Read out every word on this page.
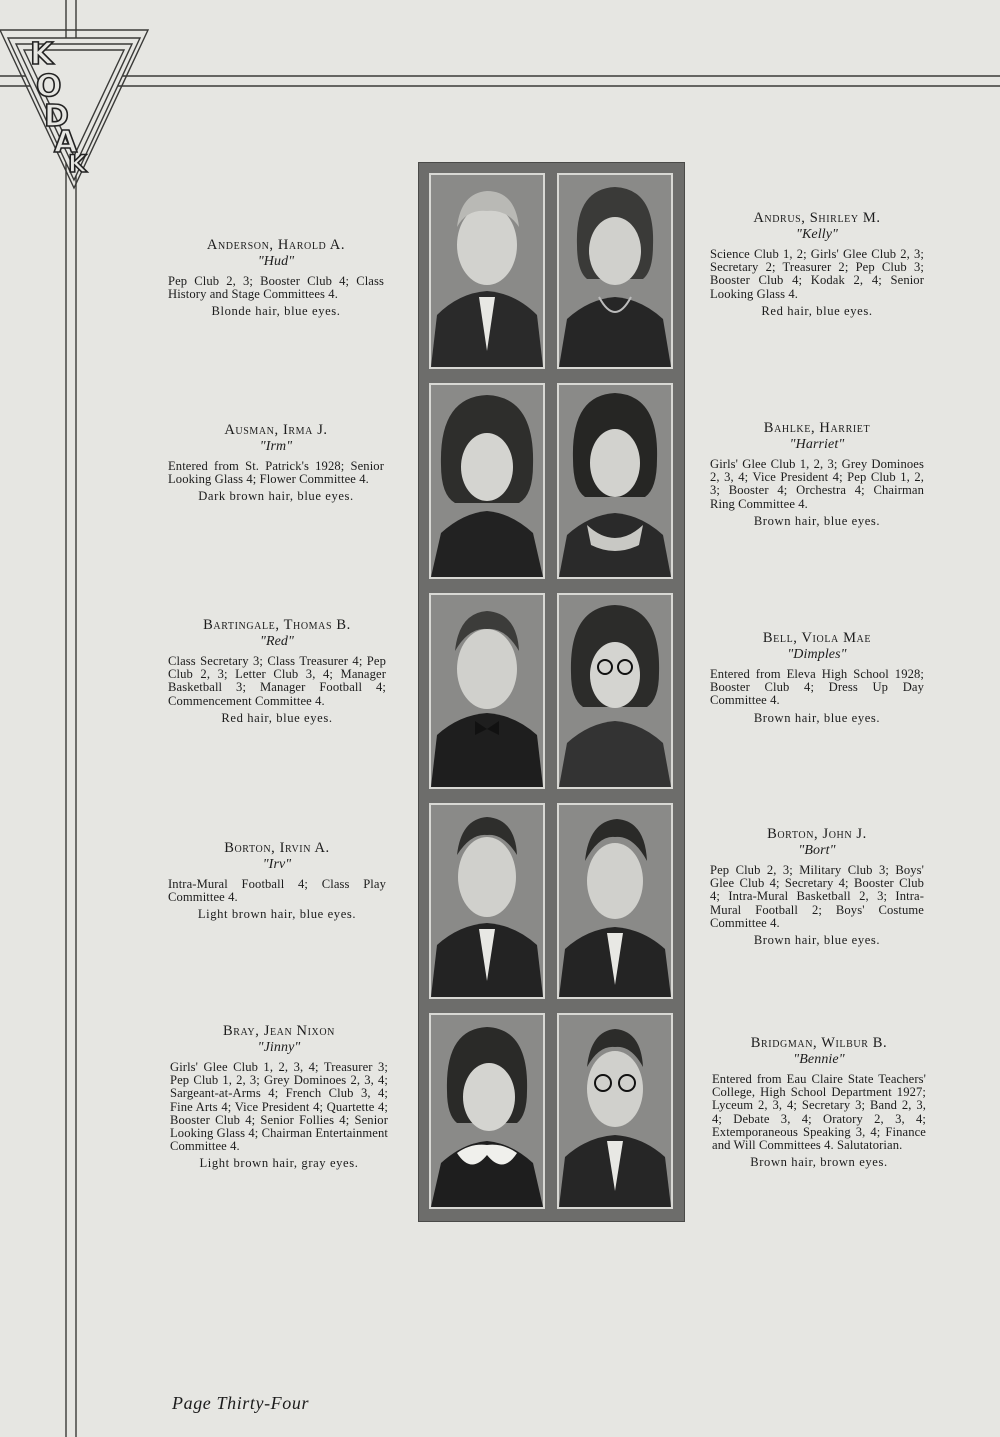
K
O
D
A
K
Anderson, Harold A.
"Hud"
Pep Club 2, 3; Booster Club 4; Class History and Stage Committees 4.
Blonde hair, blue eyes.
Ausman, Irma J.
"Irm"
Entered from St. Patrick's 1928; Senior Looking Glass 4; Flower Committee 4.
Dark brown hair, blue eyes.
Bartingale, Thomas B.
"Red"
Class Secretary 3; Class Treasurer 4; Pep Club 2, 3; Letter Club 3, 4; Manager Basketball 3; Manager Football 4; Commencement Committee 4.
Red hair, blue eyes.
Borton, Irvin A.
"Irv"
Intra-Mural Football 4; Class Play Committee 4.
Light brown hair, blue eyes.
Bray, Jean Nixon
"Jinny"
Girls' Glee Club 1, 2, 3, 4; Treasurer 3; Pep Club 1, 2, 3; Grey Dominoes 2, 3, 4; Sargeant-at-Arms 4; French Club 3, 4; Fine Arts 4; Vice President 4; Quartette 4; Booster Club 4; Senior Follies 4; Senior Looking Glass 4; Chairman Entertainment Committee 4.
Light brown hair, gray eyes.
Andrus, Shirley M.
"Kelly"
Science Club 1, 2; Girls' Glee Club 2, 3; Secretary 2; Treasurer 2; Pep Club 3; Booster Club 4; Kodak 2, 4; Senior Looking Glass 4.
Red hair, blue eyes.
Bahlke, Harriet
"Harriet"
Girls' Glee Club 1, 2, 3; Grey Dominoes 2, 3, 4; Vice President 4; Pep Club 1, 2, 3; Booster 4; Orchestra 4; Chairman Ring Committee 4.
Brown hair, blue eyes.
Bell, Viola Mae
"Dimples"
Entered from Eleva High School 1928; Booster Club 4; Dress Up Day Committee 4.
Brown hair, blue eyes.
Borton, John J.
"Bort"
Pep Club 2, 3; Military Club 3; Boys' Glee Club 4; Secretary 4; Booster Club 4; Intra-Mural Basketball 2, 3; Intra-Mural Football 2; Boys' Costume Committee 4.
Brown hair, blue eyes.
Bridgman, Wilbur B.
"Bennie"
Entered from Eau Claire State Teachers' College, High School Department 1927; Lyceum 2, 3, 4; Secretary 3; Band 2, 3, 4; Debate 3, 4; Oratory 2, 3, 4; Extemporaneous Speaking 3, 4; Finance and Will Committees 4. Salutatorian.
Brown hair, brown eyes.
Page Thirty-Four
